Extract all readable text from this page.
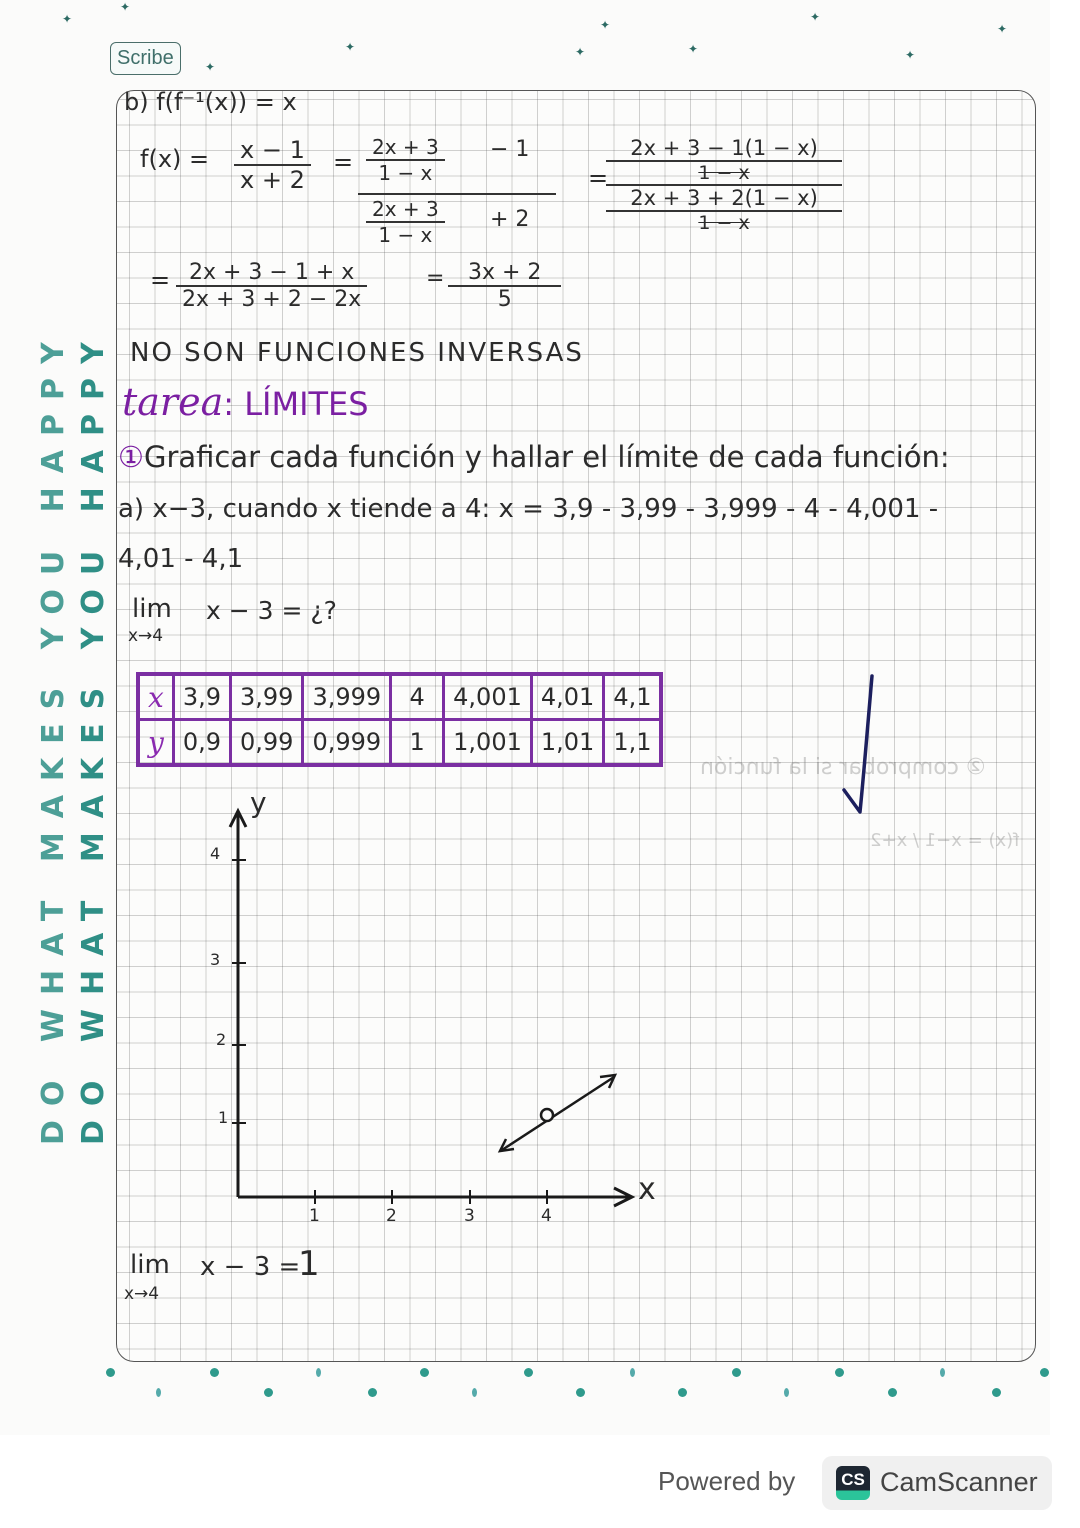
✦
✦
✦
✦
✦	✦	✦
✦
✦
✦
Scribe
DO WHAT MAKES YOU HAPPY DO WHAT MAKES YOU HAPPY	② comprobar si la función
f(x) = x−1 / x+2
b) f(f⁻¹(x)) = x
$f(x) = \frac{x - 1}{x + 2} = \frac{2x + 3}{1 - x} - 1$
$\frac{2x + 3}{1 - x} + 2$
=
2x + 3 − 1(1 − x)
1 − x
2x + 3 + 2(1 − x)
1 − x
= $\frac{2x + 3 - 1 + x}{2x + 3 + 2 - 2x}$	= $\frac{3x + 2}{5}$
NO SON FUNCIONES INVERSAS
tarea: LÍMITES
①Graficar cada función y hallar el límite de cada función:
a) x−3, cuando x tiende a 4: x = 3,9 - 3,99 - 3,999 - 4 - 4,001 -
4,01 - 4,1
lim
x→4
x − 3 = ¿?
x	3,9	3,99	3,999	4	4,001	4,01	4,1
y	0,9	0,99	0,999	1	1,001	1,01	1,1
y
x
4
3
2
1
1	2	3	4
lim
x→4
x − 3 =
1
Powered by	CS CamScanner
